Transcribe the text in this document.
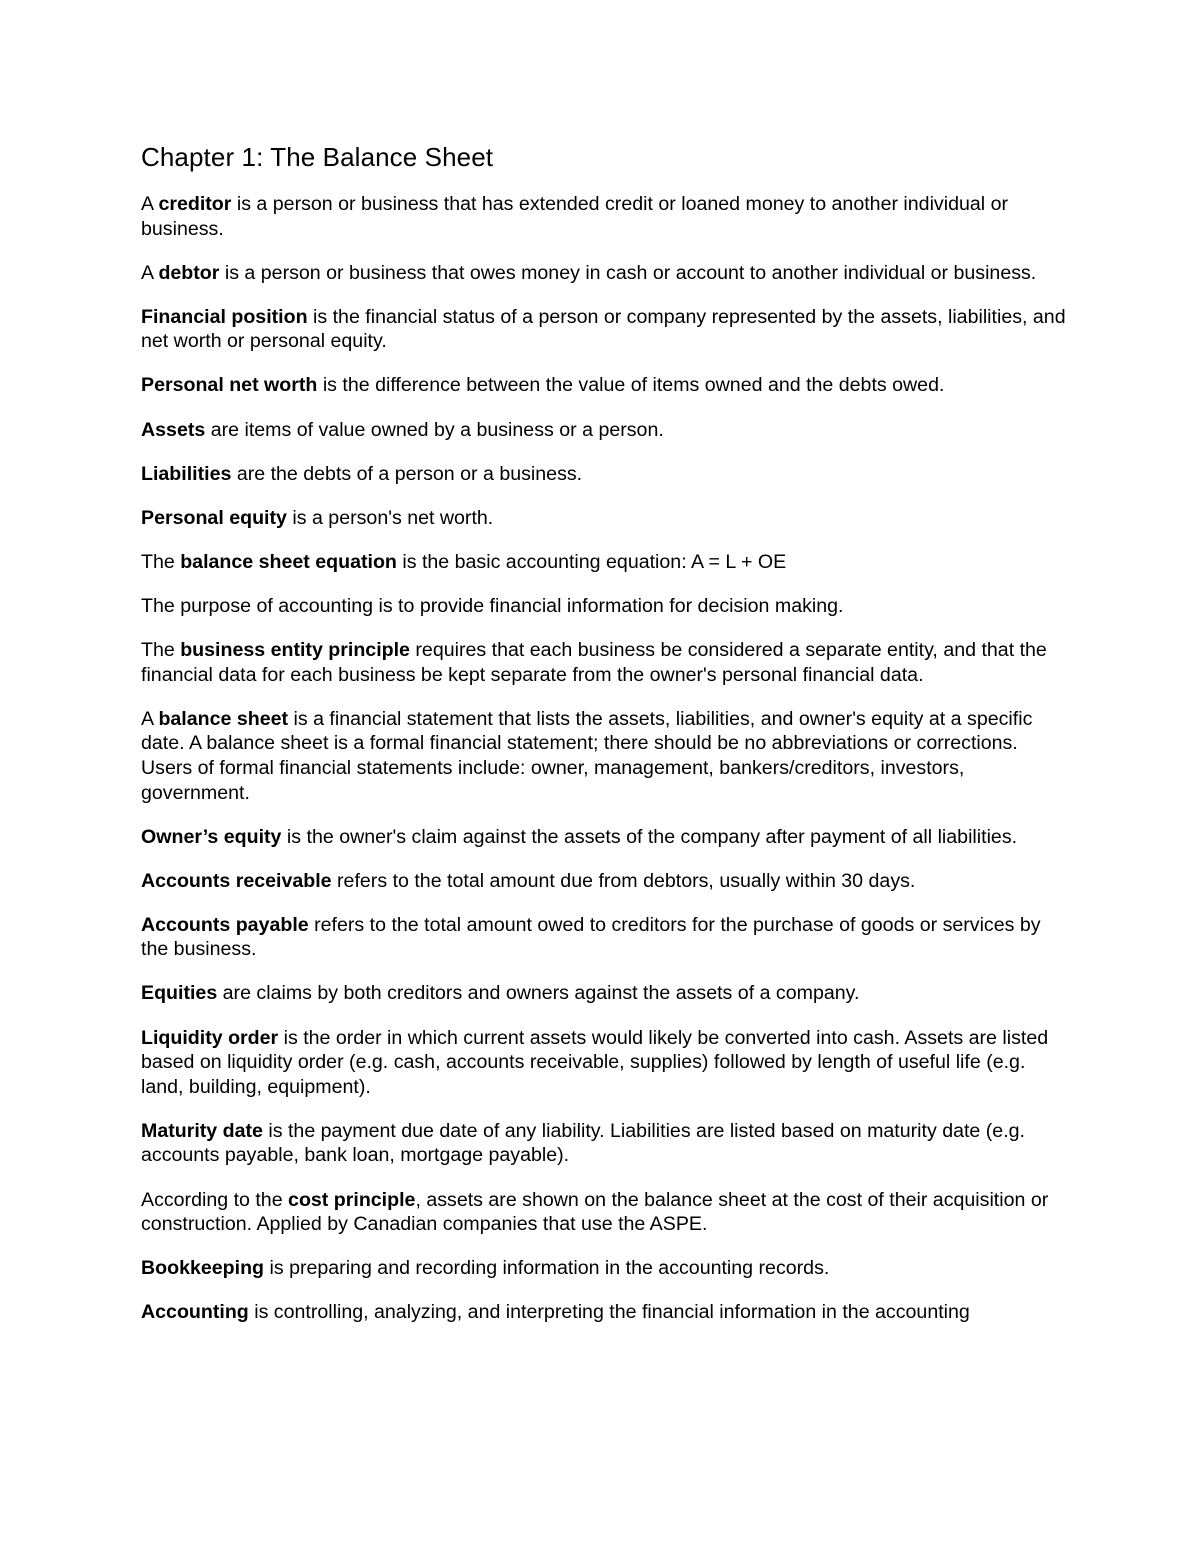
Chapter 1: The Balance Sheet

A creditor is a person or business that has extended credit or loaned money to another individual or business.

A debtor is a person or business that owes money in cash or account to another individual or business.

Financial position is the financial status of a person or company represented by the assets, liabilities, and net worth or personal equity.

Personal net worth is the difference between the value of items owned and the debts owed.

Assets are items of value owned by a business or a person.

Liabilities are the debts of a person or a business.

Personal equity is a person's net worth.

The balance sheet equation is the basic accounting equation: A = L + OE

The purpose of accounting is to provide financial information for decision making.

The business entity principle requires that each business be considered a separate entity, and that the financial data for each business be kept separate from the owner's personal financial data.

A balance sheet is a financial statement that lists the assets, liabilities, and owner's equity at a specific date. A balance sheet is a formal financial statement; there should be no abbreviations or corrections. Users of formal financial statements include: owner, management, bankers/creditors, investors, government.

Owner’s equity is the owner's claim against the assets of the company after payment of all liabilities.

Accounts receivable refers to the total amount due from debtors, usually within 30 days.

Accounts payable refers to the total amount owed to creditors for the purchase of goods or services by the business.

Equities are claims by both creditors and owners against the assets of a company.

Liquidity order is the order in which current assets would likely be converted into cash. Assets are listed based on liquidity order (e.g. cash, accounts receivable, supplies) followed by length of useful life (e.g. land, building, equipment).

Maturity date is the payment due date of any liability. Liabilities are listed based on maturity date (e.g. accounts payable, bank loan, mortgage payable).

According to the cost principle, assets are shown on the balance sheet at the cost of their acquisition or construction. Applied by Canadian companies that use the ASPE.

Bookkeeping is preparing and recording information in the accounting records.

Accounting is controlling, analyzing, and interpreting the financial information in the accounting
